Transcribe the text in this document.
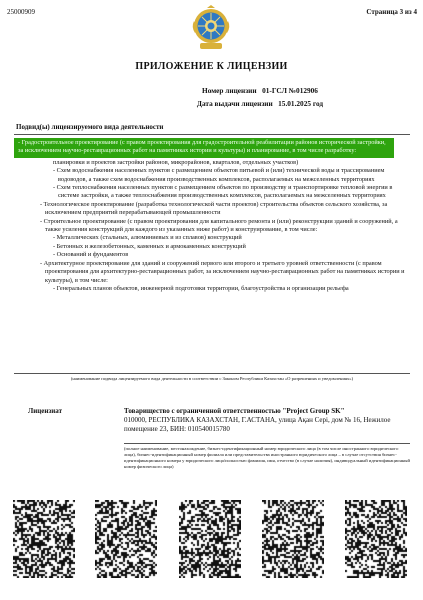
25000909	Страница 3 из 4
ПРИЛОЖЕНИЕ К ЛИЦЕНЗИИ
Номер лицензии 01-ГСЛ №012906
Дата выдачи лицензии 15.01.2025 год
Подвид(ы) лицензируемого вида деятельности

- Градостроительное проектирование (с правом проектирования для градостроительной реабилитации районов исторической застройки, за исключением научно-реставрационных работ на памятниках истории и культуры) и планирование, в том числе разработку:

планировки и проектов застройки районов, микрорайонов, кварталов, отдельных участков)

- Схем водоснабжения населенных пунктов с размещением объектов питьевой и (или) технической воды и трассированием водоводов, а также схем водоснабжения производственных комплексов, располагаемых на межселенных территориях

- Схем теплоснабжения населенных пунктов с размещением объектов по производству и транспортировке тепловой энергии в системе застройки, а также теплоснабжения производственных комплексов, располагаемых на межселенных территориях

- Технологическое проектирование (разработка технологической части проектов) строительства объектов сельского хозяйства, за исключением предприятий перерабатывающей промышленности

- Строительное проектирование (с правом проектирования для капитального ремонта и (или) реконструкции зданий и сооружений, а также усиления конструкций для каждого из указанных ниже работ) и конструирование, в том числе:

- Металлических (стальных, алюминиевых и из сплавов) конструкций

- Бетонных и железобетонных, каменных и армокаменных конструкций

- Оснований и фундаментов

- Архитектурное проектирование для зданий и сооружений первого или второго и третьего уровней ответственности (с правом проектирования для архитектурно-реставрационных работ, за исключением научно-реставрационных работ на памятниках истории и культуры), в том числе:

- Генеральных планов объектов, инженерной подготовки территории, благоустройства и организации рельефа

(наименование подвида лицензируемого вида деятельности в соответствии с Законом Республики Казахстан «О разрешениях и уведомлениях»)
Лицензиат	Товарищество с ограниченной ответственностью "Project Group SK"
010000, РЕСПУБЛИКА КАЗАХСТАН, Г.АСТАНА, улица Ақан Сері, дом № 16, Нежилое помещение 23, БИН: 010540015780
(полное наименование, местонахождение, бизнес-идентификационный номер юридического лица (в том числе иностранного юридического лица), бизнес-идентификационный номер филиала или представительства иностранного юридического лица – в случае отсутствия бизнес-идентификационного номера у юридического лица/полностью фамилия, имя, отчество (в случае наличия), индивидуальный идентификационный номер физического лица)
